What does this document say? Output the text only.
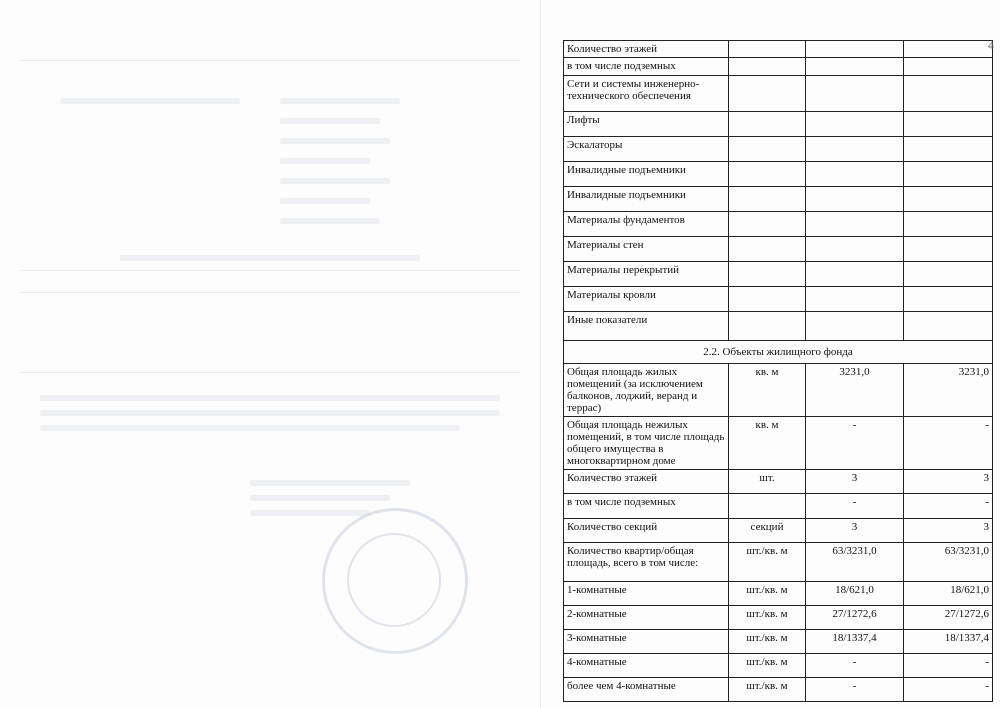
Количество этажей			
в том числе подземных			
Сети и системы инженерно-технического обеспечения			
Лифты			
Эскалаторы			
Инвалидные подъемники			
Инвалидные подъемники			
Материалы фундаментов			
Материалы стен			
Материалы перекрытий			
Материалы кровли			
Иные показатели			
2.2. Объекты жилищного фонда			
Общая площадь жилых помещений (за исключением балконов, лоджий, веранд и террас)	кв. м	3231,0	3231,0
Общая площадь нежилых помещений, в том числе площадь общего имущества в многоквартирном доме	кв. м	-	-
Количество этажей	шт.	3	3
в том числе подземных		-	-
Количество секций	секций	3	3
Количество квартир/общая площадь, всего в том числе:	шт./кв. м	63/3231,0	63/3231,0
1-комнатные	шт./кв. м	18/621,0	18/621,0
2-комнатные	шт./кв. м	27/1272,6	27/1272,6
3-комнатные	шт./кв. м	18/1337,4	18/1337,4
4-комнатные	шт./кв. м	-	-
более чем 4-комнатные	шт./кв. м	-	-
4
